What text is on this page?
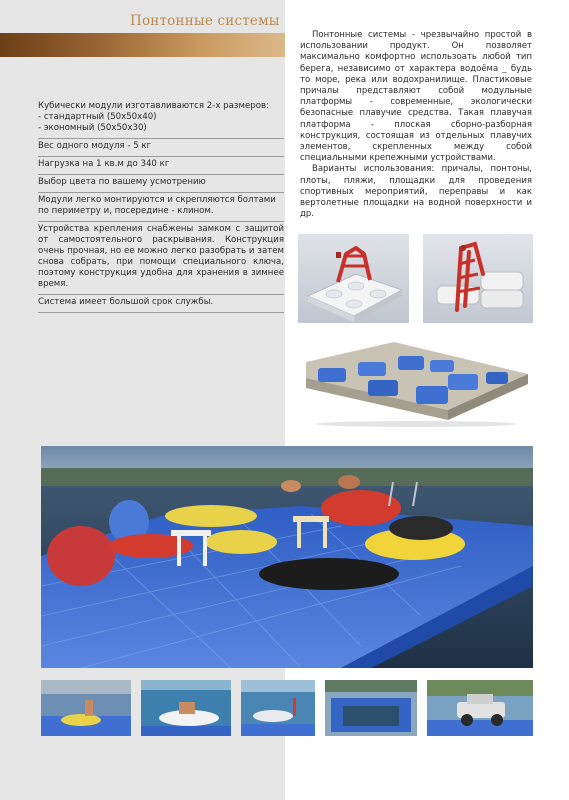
Понтонные системы
Кубически модули изготавливаются 2-х размеров:
- стандартный (50х50х40)
- экономный (50х50х30)
Вес одного модуля - 5 кг
Нагрузка на 1 кв.м до 340 кг
Выбор цвета по вашему усмотрению
Модули легко монтируются и скрепляются болтами по периметру и, посередине - клином.
Устройства крепления снабжены замком с защитой от самостоятельного раскрывания. Конструкция очень прочная, но ее можно легко разобрать и затем снова собрать, при помощи специального ключа, поэтому конструкция удобна для хранения в зимнее время.
Система имеет большой срок службы.

Понтонные системы - чрезвычайно простой в использовании продукт. Он позволяет максимально комфортно использоать любой тип берега, независимо от характера водоёма _ будь то море, река или водохранилище. Пластиковые причалы представляют собой модульные платформы - современные, экологически безопасные плавучие средства. Такая плавучая платформа - плоская сборно-разборная конструкция, состоящая из отдельных плавучих элементов, скрепленных между собой специальными крепежными устройствами.

Варианты использования: причалы, понтоны, плоты, пляжи, площадки для проведения спортивных мероприятий, переправы и как вертолетные площадки на водной поверхности и др.
